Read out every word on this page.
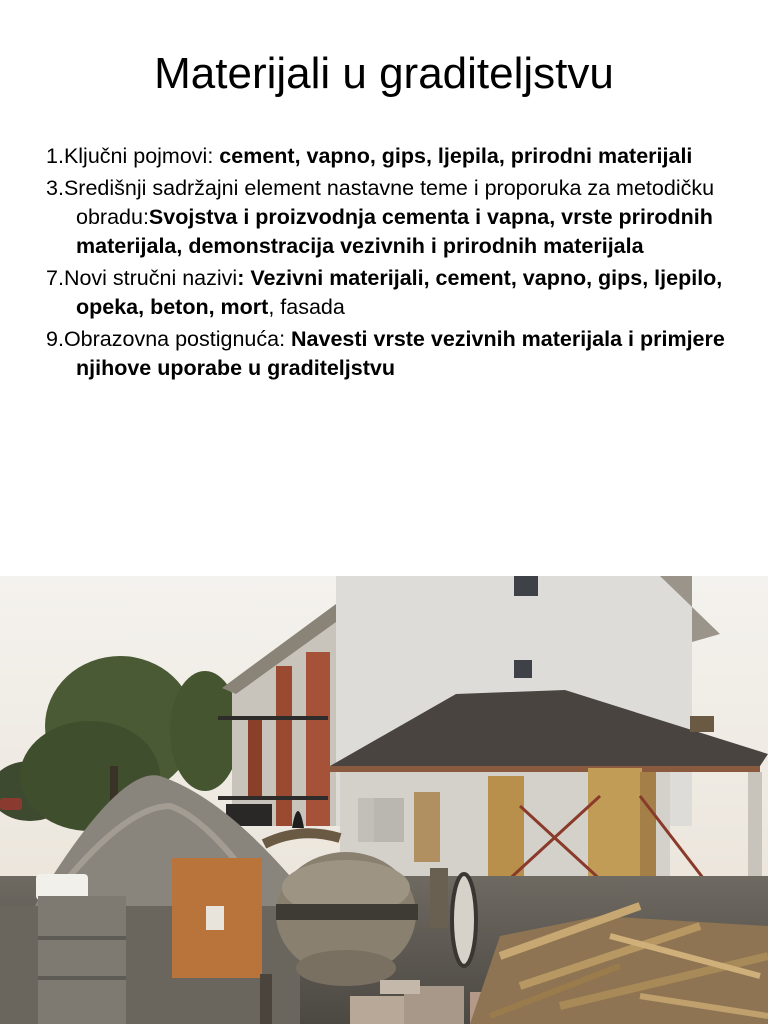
Materijali u graditeljstvu
1.Ključni pojmovi: cement, vapno, gips, ljepila, prirodni materijali
3.Središnji sadržajni element nastavne teme i proporuka za metodičku obradu:Svojstva i proizvodnja cementa i vapna, vrste prirodnih materijala, demonstracija vezivnih i prirodnih materijala
7.Novi stručni nazivi: Vezivni materijali, cement, vapno, gips, ljepilo, opeka, beton, mort, fasada
9.Obrazovna postignuća: Navesti vrste vezivnih materijala i primjere njihove uporabe u graditeljstvu
